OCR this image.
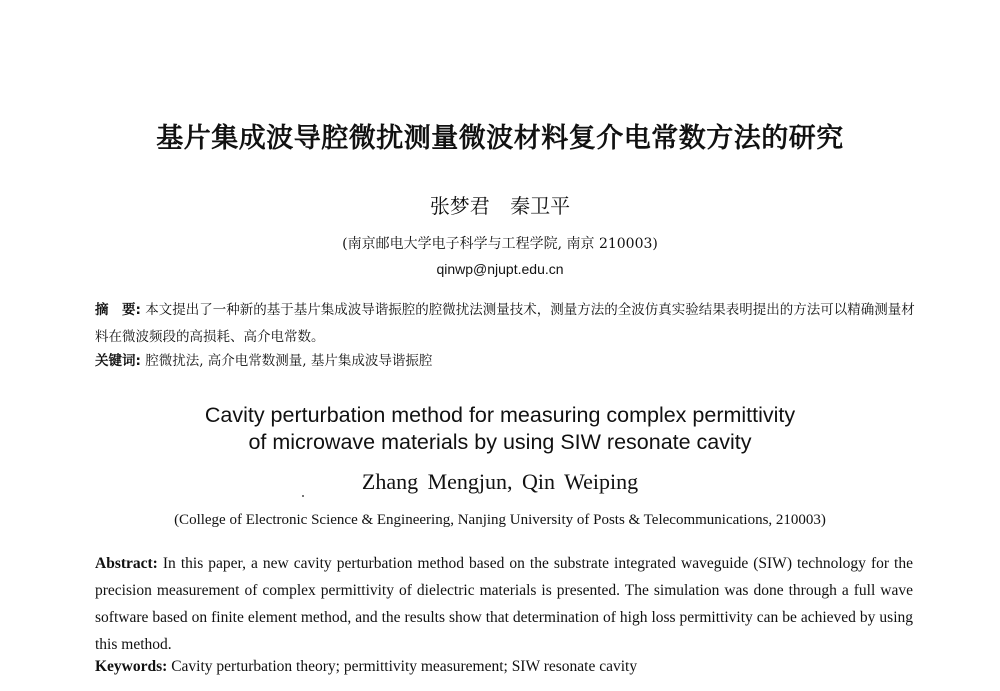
基片集成波导腔微扰测量微波材料复介电常数方法的研究
张梦君 秦卫平
(南京邮电大学电子科学与工程学院, 南京 210003)
qinwp@njupt.edu.cn
摘　要: 本文提出了一种新的基于基片集成波导谐振腔的腔微扰法测量技术，测量方法的全波仿真实验结果表明提出的方法可以精确测量材料在微波频段的高损耗、高介电常数。
关键词: 腔微扰法, 高介电常数测量, 基片集成波导谐振腔
Cavity perturbation method for measuring complex permittivity
of microwave materials by using SIW resonate cavity
Zhang Mengjun, Qin Weiping
(College of Electronic Science & Engineering, Nanjing University of Posts & Telecommunications, 210003)
Abstract: In this paper, a new cavity perturbation method based on the substrate integrated waveguide (SIW) technology for the precision measurement of complex permittivity of dielectric materials is presented. The simulation was done through a full wave software based on finite element method, and the results show that determination of high loss permittivity can be achieved by using this method.
Keywords: Cavity perturbation theory; permittivity measurement; SIW resonate cavity
